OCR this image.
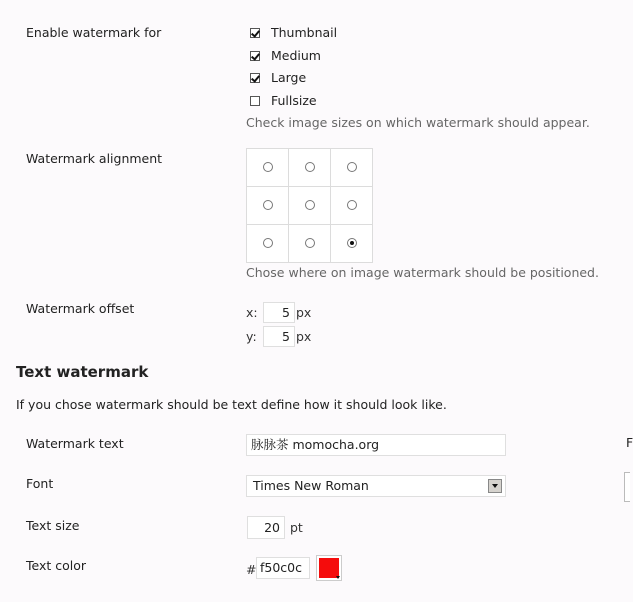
Enable watermark for	Thumbnail
Medium
Large
Fullsize
Check image sizes on which watermark should appear.
Watermark alignment

Chose where on image watermark should be positioned.
Watermark offset	x:	5 px
y:	5 px
Text watermark
If you chose watermark should be text define how it should look like.
Watermark text	脉脉茶 momocha.org
Font	Times New Roman
Text size	20 pt
Text color	# f50c0c
F
